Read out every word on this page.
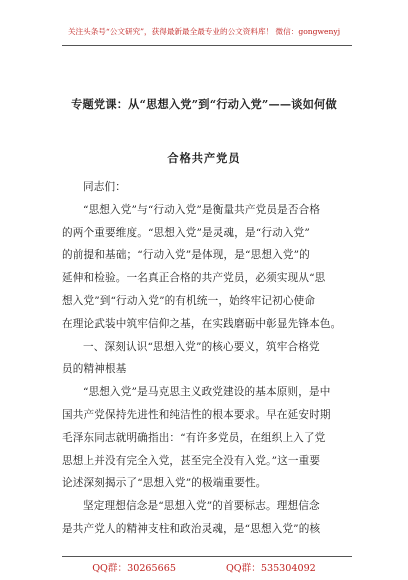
关注头条号“公文研究”，获得最新最全最专业的公文资料库！ 微信：gongwenyj
专题党课：从“思想入党”到“行动入党”——谈如何做
合格共产党员
同志们：
“思想入党”与“行动入党”是衡量共产党员是否合格
的两个重要维度。“思想入党”是灵魂，是“行动入党”
的前提和基础；“行动入党”是体现，是“思想入党”的
延伸和检验。一名真正合格的共产党员，必须实现从“思
想入党”到“行动入党”的有机统一，始终牢记初心使命
在理论武装中筑牢信仰之基，在实践磨砺中彰显先锋本色。
一、深刻认识“思想入党”的核心要义，筑牢合格党
员的精神根基
“思想入党”是马克思主义政党建设的基本原则，是中
国共产党保持先进性和纯洁性的根本要求。早在延安时期
毛泽东同志就明确指出：“有许多党员，在组织上入了党
思想上并没有完全入党，甚至完全没有入党。”这一重要
论述深刻揭示了“思想入党”的极端重要性。
坚定理想信念是“思想入党”的首要标志。理想信念
是共产党人的精神支柱和政治灵魂，是“思想入党”的核
QQ群：30265665	QQ群：535304092
